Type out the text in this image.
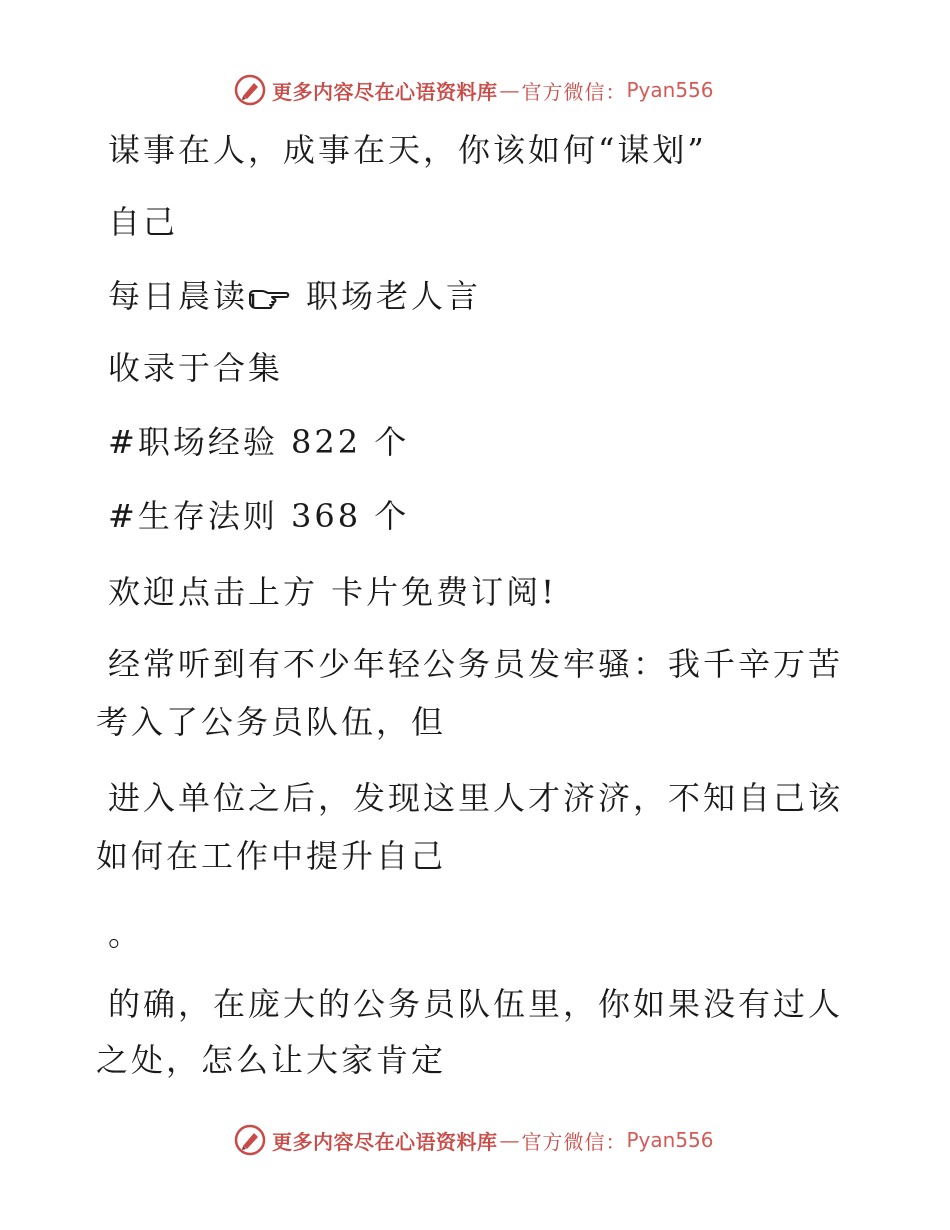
更多内容尽在心语资料库 — 官方微信： Pyan556
谋事在人，成事在天，你该如何“谋划”
自己
每日晨读 职场老人言
收录于合集
#职场经验 822 个
#生存法则 368 个
欢迎点击上方 卡片免费订阅!
经常听到有不少年轻公务员发牢骚：我千辛万苦
考入了公务员队伍，但
进入单位之后，发现这里人才济济，不知自己该
如何在工作中提升自己
。
的确，在庞大的公务员队伍里，你如果没有过人
之处，怎么让大家肯定
更多内容尽在心语资料库 — 官方微信： Pyan556
